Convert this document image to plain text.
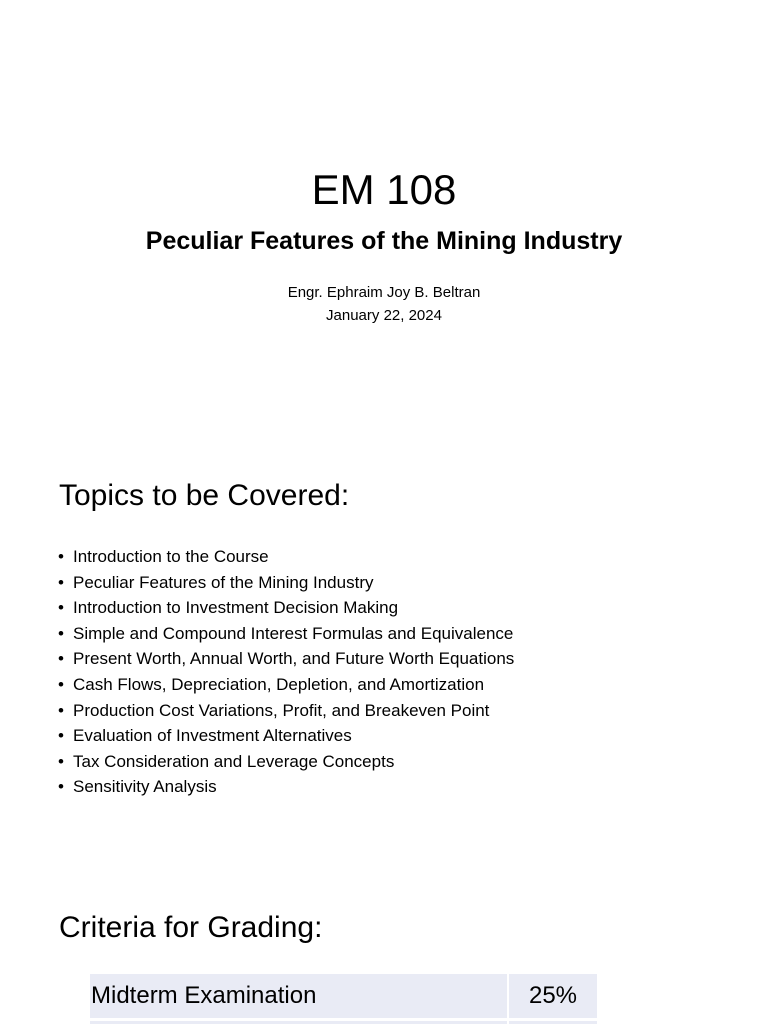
EM 108
Peculiar Features of the Mining Industry
Engr. Ephraim Joy B. Beltran
January 22, 2024
Topics to be Covered:
• Introduction to the Course
• Peculiar Features of the Mining Industry
• Introduction to Investment Decision Making
• Simple and Compound Interest Formulas and Equivalence
• Present Worth, Annual Worth, and Future Worth Equations
• Cash Flows, Depreciation, Depletion, and Amortization
• Production Cost Variations, Profit, and Breakeven Point
• Evaluation of Investment Alternatives
• Tax Consideration and Leverage Concepts
• Sensitivity Analysis
Criteria for Grading:
Midterm Examination	25%
